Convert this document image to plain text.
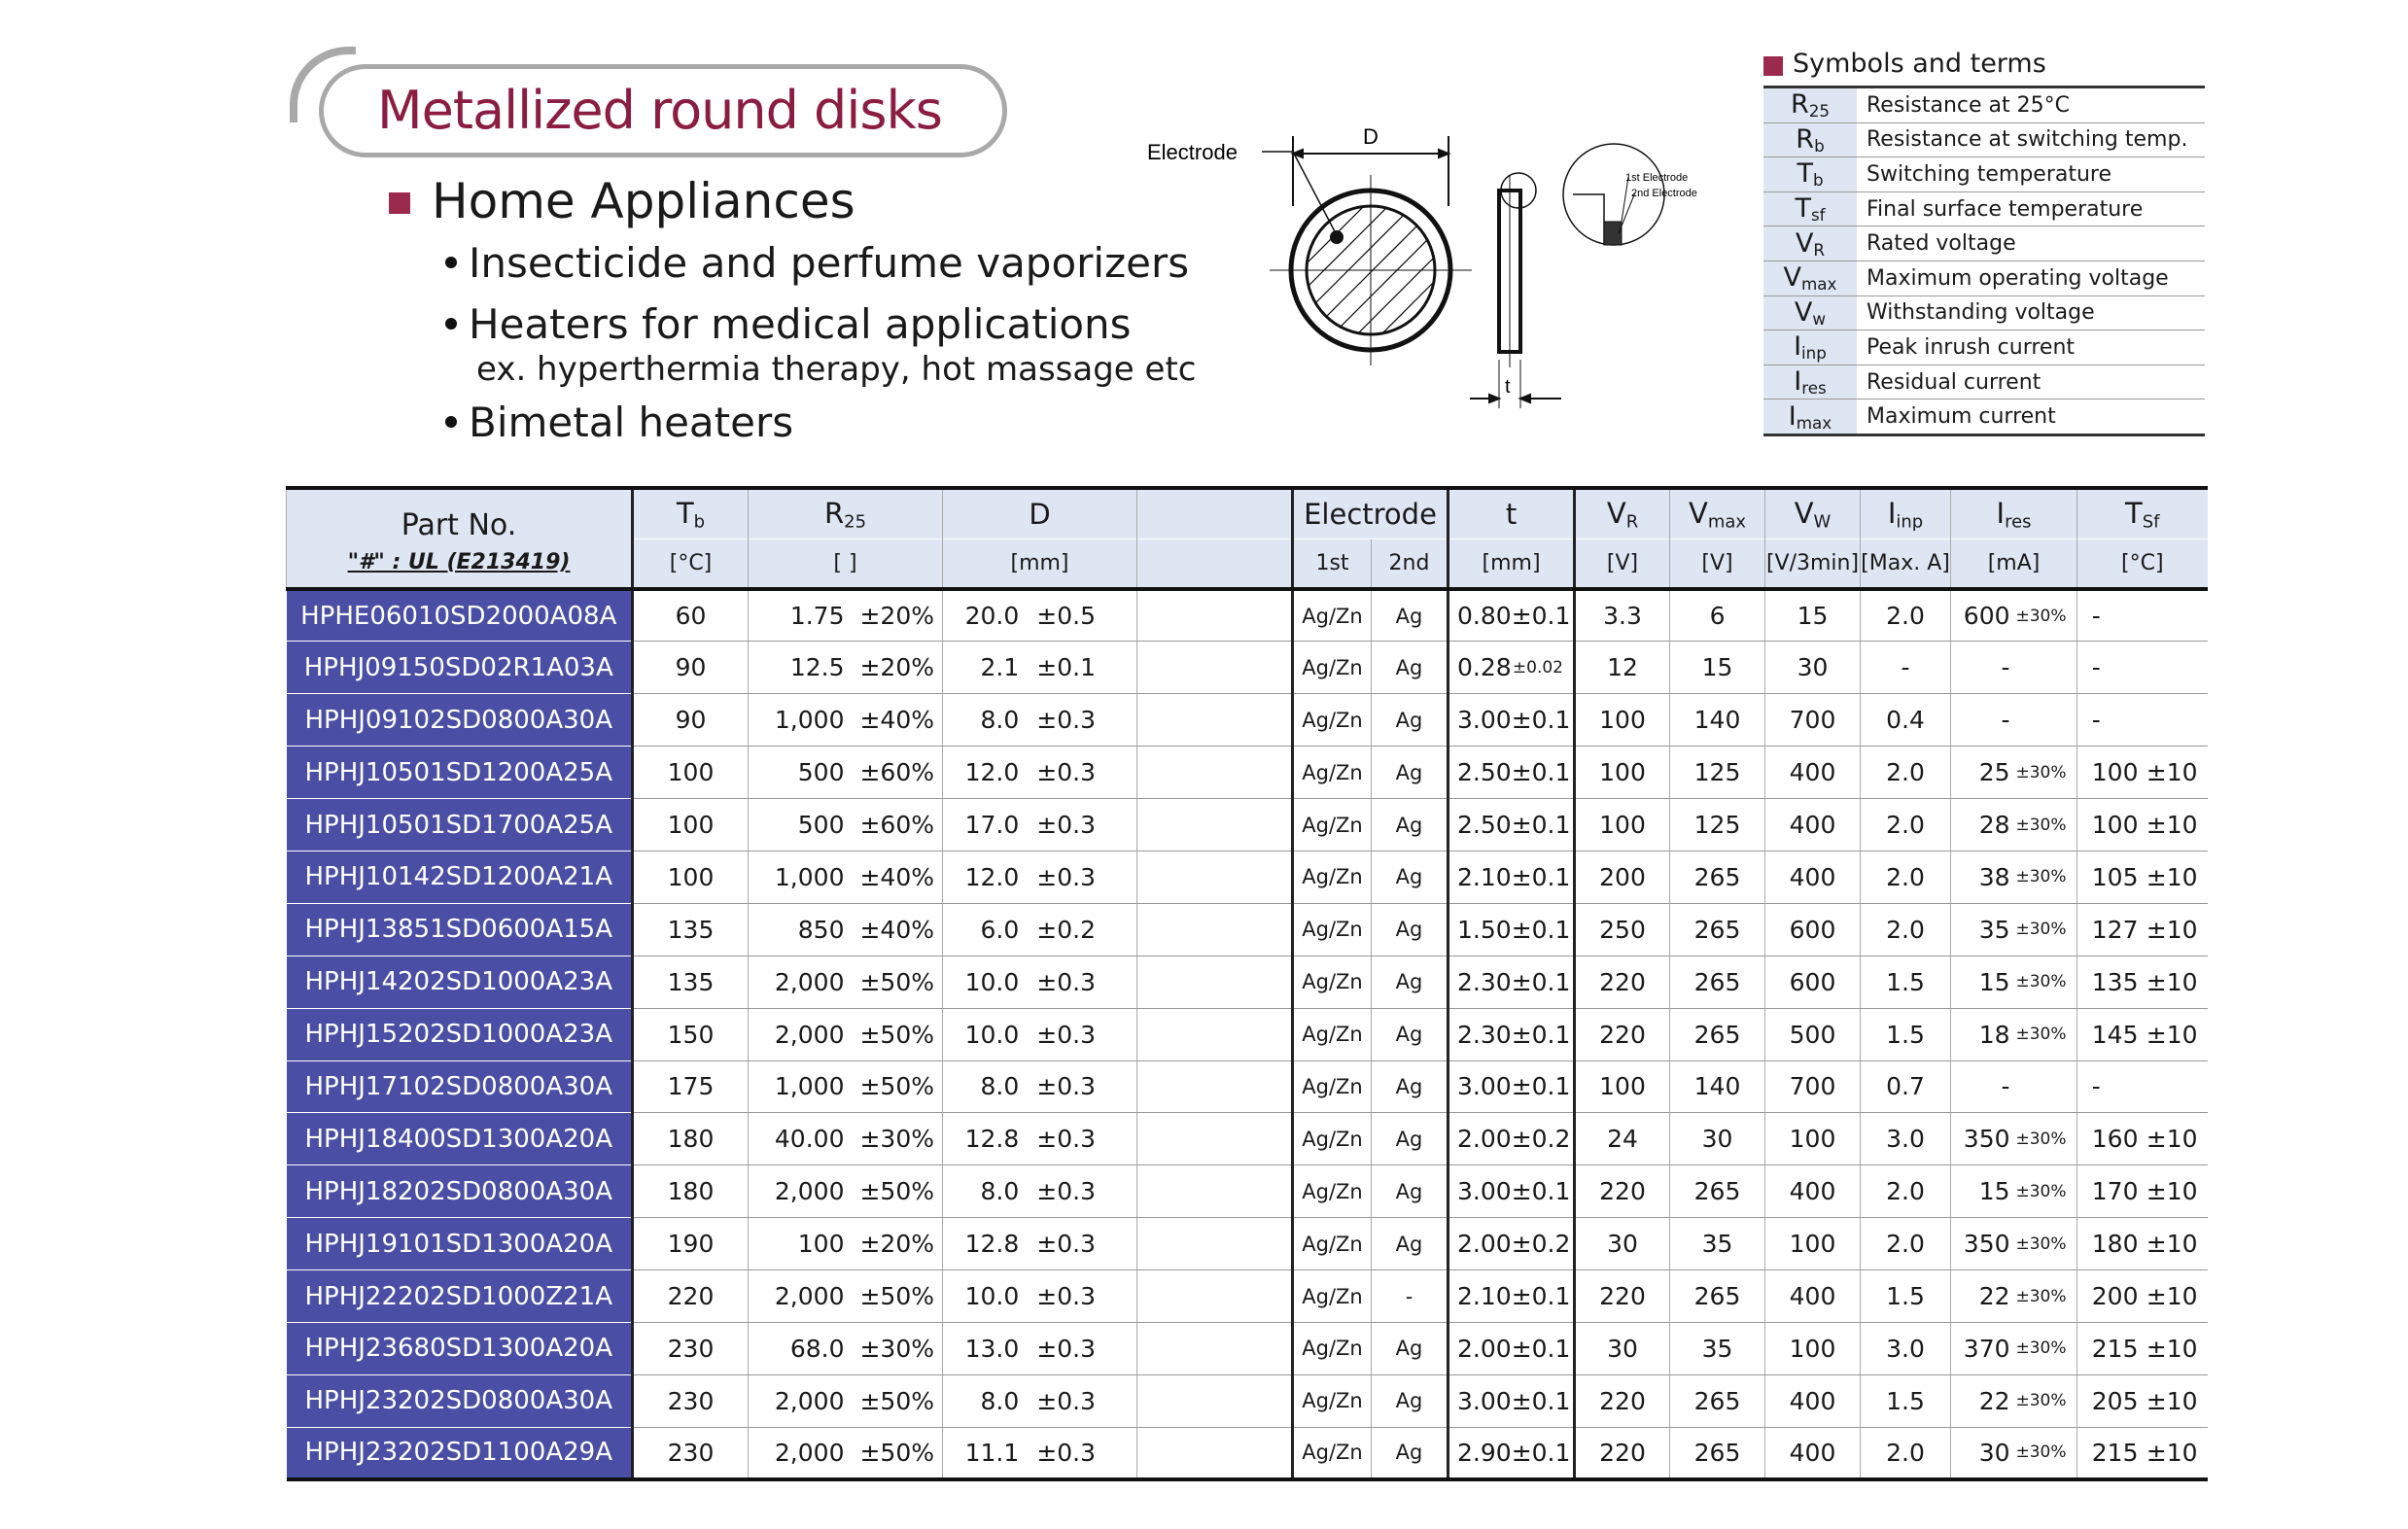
Metallized round disks
Home Appliances
Insecticide and perfume vaporizers
Heaters for medical applications
ex. hyperthermia therapy, hot massage etc
Bimetal heaters
Electrode
D
t
1st Electrode
2nd Electrode
Symbols and terms
$R_{25}$	Resistance at 25°C
$R_b$	Resistance at switching temp.
$T_b$	Switching temperature
$T_{sf}$	Final surface temperature
$V_R$	Rated voltage
$V_{max}$	Maximum operating voltage
$V_w$	Withstanding voltage
$I_{inp}$	Peak inrush current
$I_{res}$	Residual current
$I_{max}$	Maximum current
Part No.
"#" : UL (E213419)	$T_b$	$R_{25}$	D		Electrode		t	$V_R$	$V_{max}$	$V_W$	$I_{inp}$	$I_{res}$	$T_{Sf}$
	[°C]	[ ]	[mm]		1st	2nd	[mm]	[V]	[V]	[V/3min]	[Max. A]	[mA]	[°C]
HPHE06010SD2000A08A	60	1.75 ±20%	20.0 ±0.5		Ag/Zn	Ag	0.80 ±0.1	3.3	6	15	2.0	600 ±30%	-

HPHJ09150SD02R1A03A	90	12.5 ±20%	2.1 ±0.1		Ag/Zn	Ag	0.28 ±0.02	12	15	30	-	-	-

HPHJ09102SD0800A30A	90	1,000 ±40%	8.0 ±0.3		Ag/Zn	Ag	3.00 ±0.1	100	140	700	0.4	-	-

HPHJ10501SD1200A25A	100	500 ±60%	12.0 ±0.3		Ag/Zn	Ag	2.50 ±0.1	100	125	400	2.0	25 ±30%	100 ±10

HPHJ10501SD1700A25A	100	500 ±60%	17.0 ±0.3		Ag/Zn	Ag	2.50 ±0.1	100	125	400	2.0	28 ±30%	100 ±10

HPHJ10142SD1200A21A	100	1,000 ±40%	12.0 ±0.3		Ag/Zn	Ag	2.10 ±0.1	200	265	400	2.0	38 ±30%	105 ±10

HPHJ13851SD0600A15A	135	850 ±40%	6.0 ±0.2		Ag/Zn	Ag	1.50 ±0.1	250	265	600	2.0	35 ±30%	127 ±10

HPHJ14202SD1000A23A	135	2,000 ±50%	10.0 ±0.3		Ag/Zn	Ag	2.30 ±0.1	220	265	600	1.5	15 ±30%	135 ±10

HPHJ15202SD1000A23A	150	2,000 ±50%	10.0 ±0.3		Ag/Zn	Ag	2.30 ±0.1	220	265	500	1.5	18 ±30%	145 ±10

HPHJ17102SD0800A30A	175	1,000 ±50%	8.0 ±0.3		Ag/Zn	Ag	3.00 ±0.1	100	140	700	0.7	-	-

HPHJ18400SD1300A20A	180	40.00 ±30%	12.8 ±0.3		Ag/Zn	Ag	2.00 ±0.2	24	30	100	3.0	350 ±30%	160 ±10

HPHJ18202SD0800A30A	180	2,000 ±50%	8.0 ±0.3		Ag/Zn	Ag	3.00 ±0.1	220	265	400	2.0	15 ±30%	170 ±10

HPHJ19101SD1300A20A	190	100 ±20%	12.8 ±0.3		Ag/Zn	Ag	2.00 ±0.2	30	35	100	2.0	350 ±30%	180 ±10

HPHJ22202SD1000Z21A	220	2,000 ±50%	10.0 ±0.3		Ag/Zn	-	2.10 ±0.1	220	265	400	1.5	22 ±30%	200 ±10

HPHJ23680SD1300A20A	230	68.0 ±30%	13.0 ±0.3		Ag/Zn	Ag	2.00 ±0.1	30	35	100	3.0	370 ±30%	215 ±10

HPHJ23202SD0800A30A	230	2,000 ±50%	8.0 ±0.3		Ag/Zn	Ag	3.00 ±0.1	220	265	400	1.5	22 ±30%	205 ±10

HPHJ23202SD1100A29A	230	2,000 ±50%	11.1 ±0.3		Ag/Zn	Ag	2.90 ±0.1	220	265	400	2.0	30 ±30%	215 ±10
